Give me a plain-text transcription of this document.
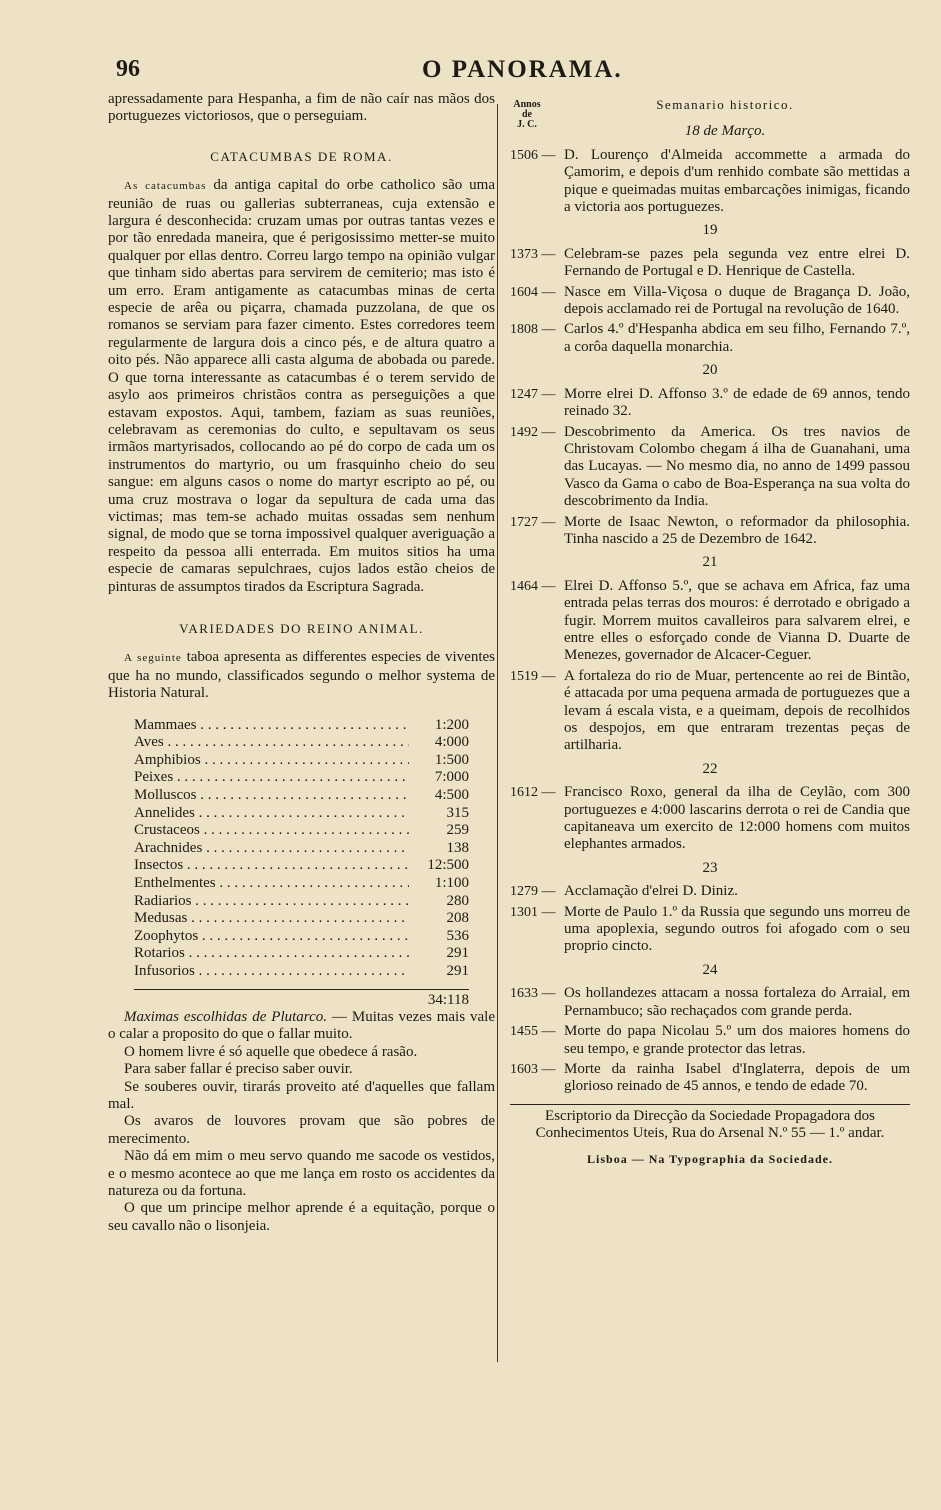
96	O PANORAMA.

apressadamente para Hespanha, a fim de não caír nas mãos dos portuguezes victoriosos, que o perseguiam.

CATACUMBAS DE ROMA.

As catacumbas da antiga capital do orbe catholico são uma reunião de ruas ou gallerias subterraneas, cuja extensão e largura é desconhecida: cruzam umas por outras tantas vezes e por tão enredada maneira, que é perigosissimo metter-se muito qualquer por ellas dentro. Correu largo tempo na opinião vulgar que tinham sido abertas para servirem de cemiterio; mas isto é um erro. Eram antigamente as catacumbas minas de certa especie de arêa ou piçarra, chamada puzzolana, de que os romanos se serviam para fazer cimento. Estes corredores teem regularmente de largura dois a cinco pés, e de altura quatro a oito pés. Não apparece alli casta alguma de abobada ou parede. O que torna interessante as catacumbas é o terem servido de asylo aos primeiros christãos contra as perseguições a que estavam expostos. Aqui, tambem, faziam as suas reuniões, celebravam as ceremonias do culto, e sepultavam os seus irmãos martyrisados, collocando ao pé do corpo de cada um os instrumentos do martyrio, ou um frasquinho cheio do seu sangue: em alguns casos o nome do martyr escripto ao pé, ou uma cruz mostrava o logar da sepultura de cada uma das victimas; mas tem-se achado muitas ossadas sem nenhum signal, de modo que se torna impossivel qualquer averiguação a respeito da pessoa alli enterrada. Em muitos sitios ha uma especie de camaras sepulchraes, cujos lados estão cheios de pinturas de assumptos tirados da Escriptura Sagrada.

VARIEDADES DO REINO ANIMAL.

A seguinte taboa apresenta as differentes especies de viventes que ha no mundo, classificados segundo o melhor systema de Historia Natural.

Mammaes . . .	1:200
Aves . . .	4:000
Amphibios . . .	1:500
Peixes . . .	7:000
Molluscos . . .	4:500
Annelides . . .	315
Crustaceos . . .	259
Arachnides . . .	138
Insectos . . .	12:500
Enthelmentes . . .	1:100
Radiarios . . .	280
Medusas . . .	208
Zoophytos . . .	536
Rotarios . . .	291
Infusorios . . .	291
34:118

Maximas escolhidas de Plutarco. — Muitas vezes mais vale o calar a proposito do que o fallar muito.

O homem livre é só aquelle que obedece á rasão.

Para saber fallar é preciso saber ouvir.

Se souberes ouvir, tirarás proveito até d'aquelles que fallam mal.

Os avaros de louvores provam que são pobres de merecimento.

Não dá em mim o meu servo quando me sacode os vestidos, e o mesmo acontece ao que me lança em rosto os accidentes da natureza ou da fortuna.

O que um principe melhor aprende é a equitação, porque o seu cavallo não o lisonjeia.

Annos
de
J. C.
Semanario historico.
18 de Março.
1506 — D. Lourenço d'Almeida accommette a armada do Çamorim, e depois d'um renhido combate são mettidas a pique e queimadas muitas embarcações inimigas, ficando a victoria aos portuguezes.
19
1373 — Celebram-se pazes pela segunda vez entre elrei D. Fernando de Portugal e D. Henrique de Castella.
1604 — Nasce em Villa-Viçosa o duque de Bragança D. João, depois acclamado rei de Portugal na revolução de 1640.
1808 — Carlos 4.º d'Hespanha abdica em seu filho, Fernando 7.º, a corôa daquella monarchia.
20
1247 — Morre elrei D. Affonso 3.º de edade de 69 annos, tendo reinado 32.
1492 — Descobrimento da America. Os tres navios de Christovam Colombo chegam á ilha de Guanahani, uma das Lucayas. — No mesmo dia, no anno de 1499 passou Vasco da Gama o cabo de Boa-Esperança na sua volta do descobrimento da India.
1727 — Morte de Isaac Newton, o reformador da philosophia. Tinha nascido a 25 de Dezembro de 1642.
21
1464 — Elrei D. Affonso 5.º, que se achava em Africa, faz uma entrada pelas terras dos mouros: é derrotado e obrigado a fugir. Morrem muitos cavalleiros para salvarem elrei, e entre elles o esforçado conde de Vianna D. Duarte de Menezes, governador de Alcacer-Ceguer.
1519 — A fortaleza do rio de Muar, pertencente ao rei de Bintão, é attacada por uma pequena armada de portuguezes que a levam á escala vista, e a queimam, depois de recolhidos os despojos, em que entraram trezentas peças de artilharia.
22
1612 — Francisco Roxo, general da ilha de Ceylão, com 300 portuguezes e 4:000 lascarins derrota o rei de Candia que capitaneava um exercito de 12:000 homens com muitos elephantes armados.
23
1279 — Acclamação d'elrei D. Diniz.
1301 — Morte de Paulo 1.º da Russia que segundo uns morreu de uma apoplexia, segundo outros foi afogado com o seu proprio cincto.
24
1633 — Os hollandezes attacam a nossa fortaleza do Arraial, em Pernambuco; são rechaçados com grande perda.
1455 — Morte do papa Nicolau 5.º um dos maiores homens do seu tempo, e grande protector das letras.
1603 — Morte da rainha Isabel d'Inglaterra, depois de um glorioso reinado de 45 annos, e tendo de edade 70.
Escriptorio da Direcção da Sociedade Propagadora dos Conhecimentos Uteis, Rua do Arsenal N.º 55 — 1.º andar.
Lisboa — Na Typographia da Sociedade.
